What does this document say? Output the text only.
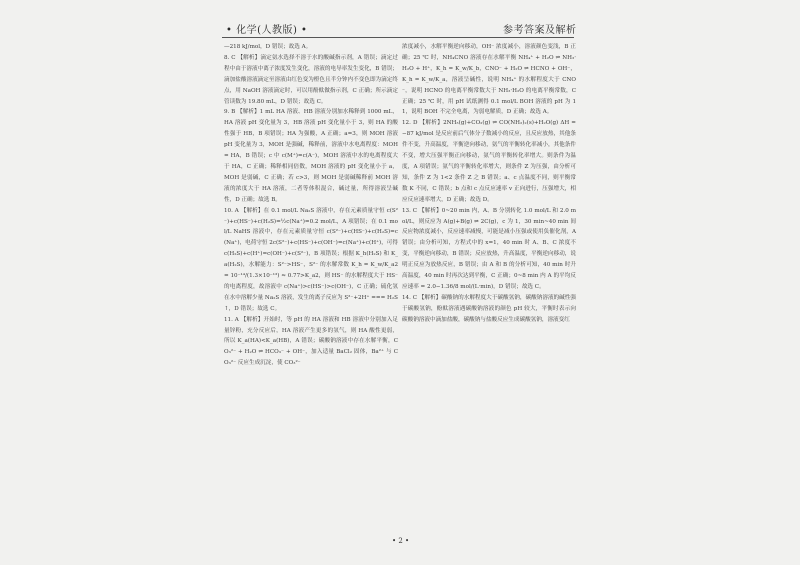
• 化学(人教版) •	参考答案及解析

—218 kJ/mol，D 错误；故选 A。

8. C 【解析】滴定氨水选择不溶于水的酸碱指示剂，A 错误；滴定过程中由于溶液中离子浓度发生变化，溶液的电导率发生变化，B 错误；滴加盐酸溶液滴定至溶液由红色变为橙色且半分钟内不变色即为滴定终点，用 NaOH 溶液滴定时，可以用酚酞做指示剂，C 正确；所示滴定管读数为 19.80 mL，D 错误；故选 C。

9. B 【解析】1 mL HA 溶液、HB 溶液分别加水稀释到 1000 mL，HA 溶液 pH 变化量为 3，HB 溶液 pH 变化量小于 3，则 HA 的酸性强于 HB，B 项错误；HA 为强酸，A 正确；a=3，则 MOH 溶液 pH 变化量为 3，MOH 是强碱，稀释前，溶液中水电离程度：MOH = HA，B 错误；c 中 c(M⁺)=c(A⁻)，MOH 溶液中水的电离程度大于 HA，C 正确；稀释相同倍数，MOH 溶液的 pH 变化量小于 a，MOH 是弱碱，C 正确；若 c>3，则 MOH 是弱碱稀释前 MOH 溶液的浓度大于 HA 溶液，二者等体积混合，碱过量，所得溶液呈碱性，D 正确；故选 B。

10. A 【解析】在 0.1 mol/L Na₂S 溶液中，存在元素质量守恒 c(S²⁻)+c(HS⁻)+c(H₂S)=½c(Na⁺)=0.2 mol/L，A 项错误；在 0.1 mol/L NaHS 溶液中，存在元素质量守恒 c(S²⁻)+c(HS⁻)+c(H₂S)=c(Na⁺)，电荷守恒 2c(S²⁻)+c(HS⁻)+c(OH⁻)=c(Na⁺)+c(H⁺)，可得 c(H₂S)+c(H⁺)=c(OH⁻)+c(S²⁻)，B 项错误；根据 K_h(H₂S) 和 K_a(H₂S)，水解能力：S²⁻>HS⁻，S²⁻ 的水解常数 K_h = K_w/K_a2 = 10⁻¹⁴/(1.3×10⁻¹³) ≈ 0.77>K_a2，则 HS⁻ 的水解程度大于 HS⁻ 的电离程度，故溶液中 c(Na⁺)>c(HS⁻)>c(OH⁻)，C 正确；硫化氢在水中溶解少量 Na₂S 溶液，发生的离子反应为 S²⁻+2H⁺ === H₂S↑，D 错误；故选 C。

11. A 【解析】开始时，等 pH 的 HA 溶液和 HB 溶液中分别加入足量锌粉，充分反应后，HA 溶液产生更多的氢气，则 HA 酸性更弱，所以 K_a(HA)<K_a(HB)，A 错误；碳酸钠溶液中存在水解平衡，CO₃²⁻ + H₂O ⇌ HCO₃⁻ + OH⁻，加入适量 BaCl₂ 固体，Ba²⁺ 与 CO₃²⁻ 反应生成沉淀，使 CO₃²⁻

浓度减小，水解平衡逆向移动，OH⁻ 浓度减小，溶液颜色变浅，B 正确；25 ℃ 时，NH₄CNO 溶液存在水解平衡 NH₄⁺ + H₂O ⇌ NH₃·H₂O + H⁺，K_h = K_w/K_b，CNO⁻ + H₂O ⇌ HCNO + OH⁻，K_h = K_w/K_a，溶液呈碱性，说明 NH₄⁺ 的水解程度大于 CNO⁻，说明 HCNO 的电离平衡常数大于 NH₃·H₂O 的电离平衡常数，C 正确；25 ℃ 时，用 pH 试纸测得 0.1 mol/L BOH 溶液的 pH 为 11，说明 BOH 不完全电离，为弱电解质，D 正确；故选 A。

12. D 【解析】2NH₃(g)+CO₂(g) ⇌ CO(NH₂)₂(s)+H₂O(g) ΔH = −87 kJ/mol 是反应前后气体分子数减小的反应，且反应放热，其他条件不变，升高温度，平衡逆向移动，氨气的平衡转化率减小，其他条件不变，增大压强平衡正向移动，氨气的平衡转化率增大。则条件为温度，A 项错误；氨气的平衡转化率增大，则条件 Z 为压强，由分析可知，条件 Z 为 1<2 条件 Z 之 B 错误；a、c 点温度不同，则平衡常数 K 不同，C 错误；b 点和 c 点反应速率 v 正向进行，压强增大，相应反应速率增大，D 正确；故选 D。

13. C 【解析】0~20 min 内，A、B 分别转化 1.0 mol/L 和 2.0 mol/L，则反应为 A(g)+B(g) ⇌ 2C(g)，c 为 1，30 min~40 min 间反应物浓度减小，反应速率减慢，可能是减小压强或使用负催化剂，A 错误；由分析可知，方程式中的 x=1，40 min 时 A、B、C 浓度不变，平衡逆向移动，B 错误；反应放热，升高温度，平衡逆向移动，说明正反应为放热反应，B 错误；由 A 和 B 的分析可知，40 min 时升高温度，40 min 时再次达到平衡，C 正确；0~8 min 内 A 的平均反应速率 = 2.0−1.36/8 mol/(L·min)，D 错误；故选 C。

14. C 【解析】碳酸钠的水解程度大于碳酸氢钠，碳酸钠溶液的碱性强于碳酸氢钠，酚酞溶液遇碳酸钠溶液的颜色 pH 较大，平衡时表示向碳酸钠溶液中滴加盐酸，碳酸钠与盐酸反应生成碳酸氢钠，溶液变红

• 2 •
